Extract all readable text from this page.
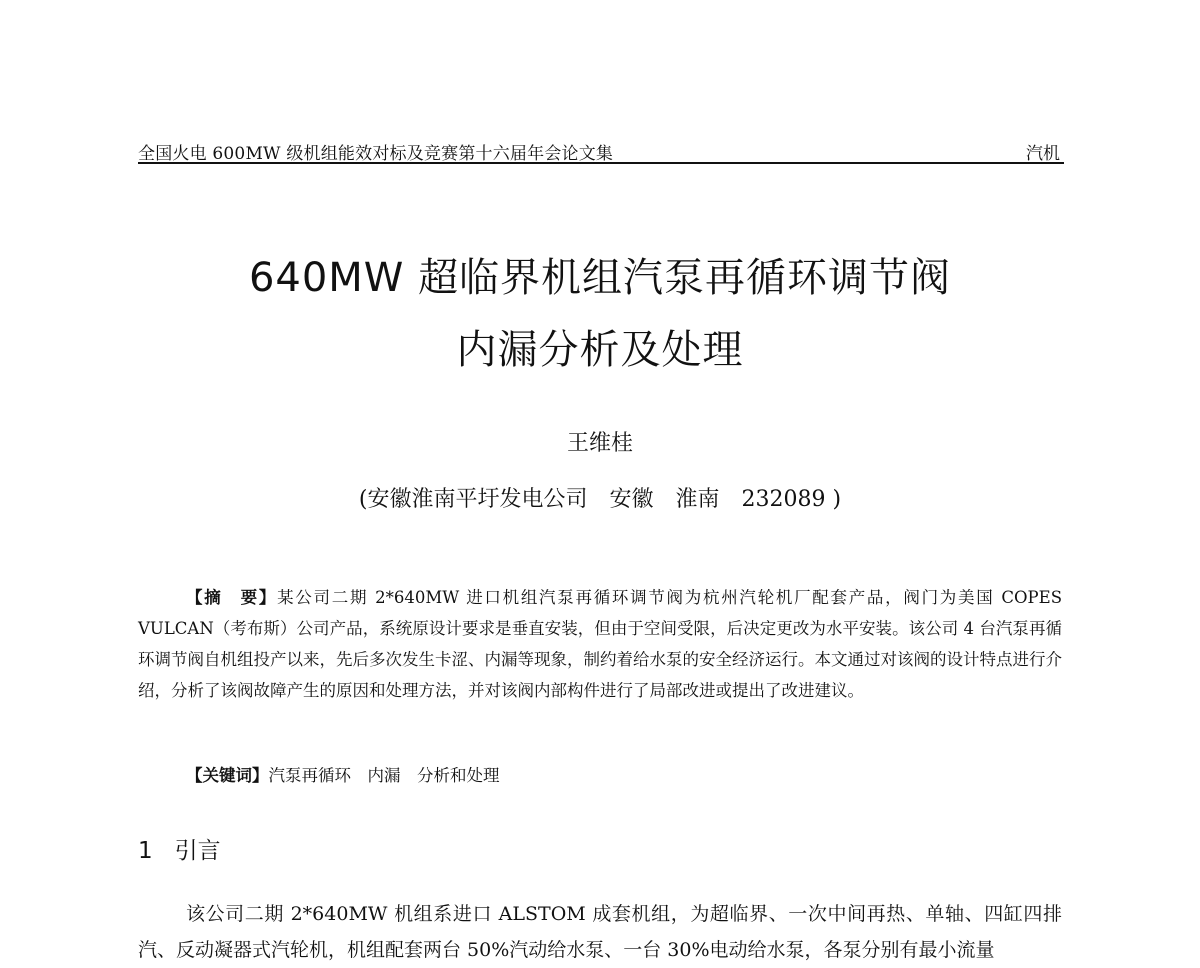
全国火电 600MW 级机组能效对标及竞赛第十六届年会论文集	汽机
640MW 超临界机组汽泵再循环调节阀
内漏分析及处理
王维桂
(安徽淮南平圩发电公司　安徽　淮南　232089 )

【摘　要】某公司二期 2*640MW 进口机组汽泵再循环调节阀为杭州汽轮机厂配套产品，阀门为美国 COPES VULCAN（考布斯）公司产品，系统原设计要求是垂直安装，但由于空间受限，后决定更改为水平安装。该公司 4 台汽泵再循环调节阀自机组投产以来，先后多次发生卡涩、内漏等现象，制约着给水泵的安全经济运行。本文通过对该阀的设计特点进行介绍，分析了该阀故障产生的原因和处理方法，并对该阀内部构件进行了局部改进或提出了改进建议。

【关键词】汽泵再循环　内漏　分析和处理
1 引言

该公司二期 2*640MW 机组系进口 ALSTOM 成套机组，为超临界、一次中间再热、单轴、四缸四排汽、反动凝器式汽轮机，机组配套两台 50%汽动给水泵、一台 30%电动给水泵，各泵分别有最小流量
